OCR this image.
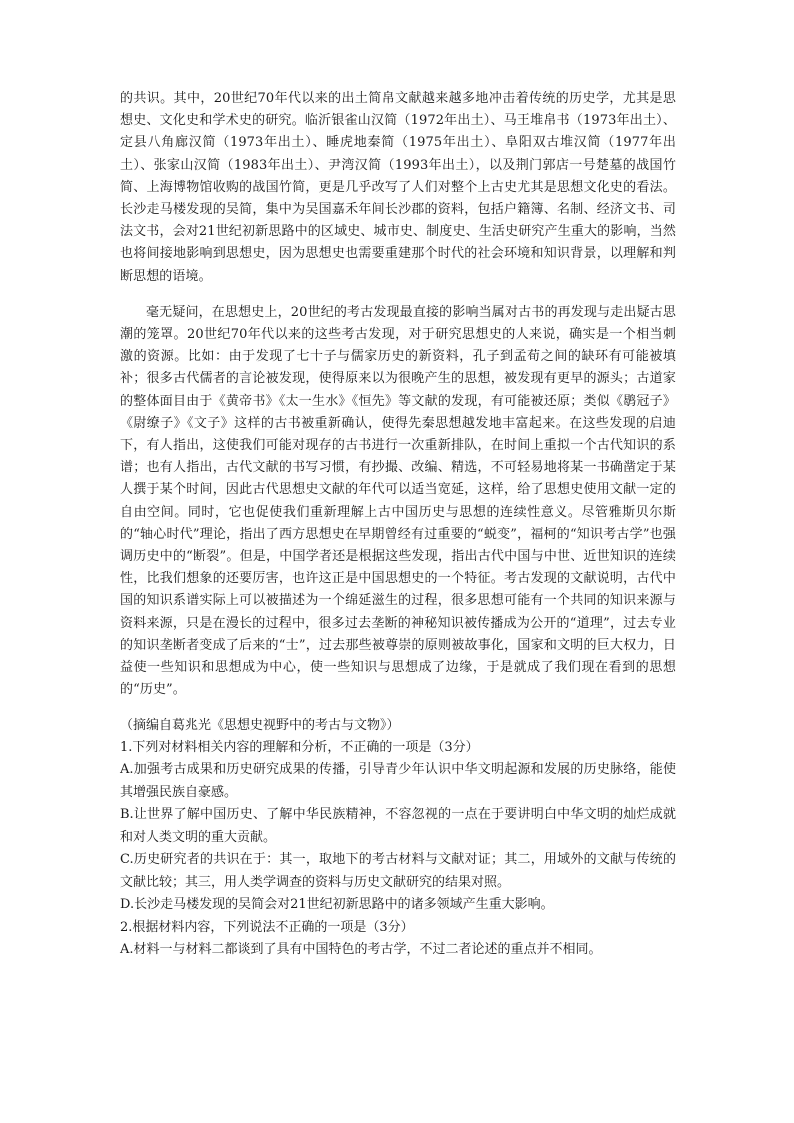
的共识。其中，20世纪70年代以来的出土简帛文献越来越多地冲击着传统的历史学，尤其是思想史、文化史和学术史的研究。临沂银雀山汉简（1972年出土）、马王堆帛书（1973年出土）、定县八角廊汉简（1973年出土）、睡虎地秦简（1975年出土）、阜阳双古堆汉简（1977年出土）、张家山汉简（1983年出土）、尹湾汉简（1993年出土），以及荆门郭店一号楚墓的战国竹简、上海博物馆收购的战国竹简，更是几乎改写了人们对整个上古史尤其是思想文化史的看法。长沙走马楼发现的吴简，集中为吴国嘉禾年间长沙郡的资料，包括户籍簿、名制、经济文书、司法文书，会对21世纪初新思路中的区域史、城市史、制度史、生活史研究产生重大的影响，当然也将间接地影响到思想史，因为思想史也需要重建那个时代的社会环境和知识背景，以理解和判断思想的语境。

毫无疑问，在思想史上，20世纪的考古发现最直接的影响当属对古书的再发现与走出疑古思潮的笼罩。20世纪70年代以来的这些考古发现，对于研究思想史的人来说，确实是一个相当刺激的资源。比如：由于发现了七十子与儒家历史的新资料，孔子到孟荀之间的缺环有可能被填补；很多古代儒者的言论被发现，使得原来以为很晚产生的思想，被发现有更早的源头；古道家的整体面目由于《黄帝书》《太一生水》《恒先》等文献的发现，有可能被还原；类似《鹖冠子》《尉缭子》《文子》这样的古书被重新确认，使得先秦思想越发地丰富起来。在这些发现的启迪下，有人指出，这使我们可能对现存的古书进行一次重新排队，在时间上重拟一个古代知识的系谱；也有人指出，古代文献的书写习惯，有抄撮、改编、精选，不可轻易地将某一书确凿定于某人撰于某个时间，因此古代思想史文献的年代可以适当宽延，这样，给了思想史使用文献一定的自由空间。同时，它也促使我们重新理解上古中国历史与思想的连续性意义。尽管雅斯贝尔斯的“轴心时代”理论，指出了西方思想史在早期曾经有过重要的“蜕变”，福柯的“知识考古学”也强调历史中的“断裂”。但是，中国学者还是根据这些发现，指出古代中国与中世、近世知识的连续性，比我们想象的还要厉害，也许这正是中国思想史的一个特征。考古发现的文献说明，古代中国的知识系谱实际上可以被描述为一个绵延滋生的过程，很多思想可能有一个共同的知识来源与资料来源，只是在漫长的过程中，很多过去垄断的神秘知识被传播成为公开的“道理”，过去专业的知识垄断者变成了后来的“士”，过去那些被尊崇的原则被故事化，国家和文明的巨大权力，日益使一些知识和思想成为中心，使一些知识与思想成了边缘，于是就成了我们现在看到的思想的“历史”。

（摘编自葛兆光《思想史视野中的考古与文物》）

1.下列对材料相关内容的理解和分析，不正确的一项是（3分）

A.加强考古成果和历史研究成果的传播，引导青少年认识中华文明起源和发展的历史脉络，能使其增强民族自豪感。

B.让世界了解中国历史、了解中华民族精神，不容忽视的一点在于要讲明白中华文明的灿烂成就和对人类文明的重大贡献。

C.历史研究者的共识在于：其一，取地下的考古材料与文献对证；其二，用域外的文献与传统的文献比较；其三，用人类学调查的资料与历史文献研究的结果对照。

D.长沙走马楼发现的吴简会对21世纪初新思路中的诸多领域产生重大影响。

2.根据材料内容，下列说法不正确的一项是（3分）

A.材料一与材料二都谈到了具有中国特色的考古学，不过二者论述的重点并不相同。
